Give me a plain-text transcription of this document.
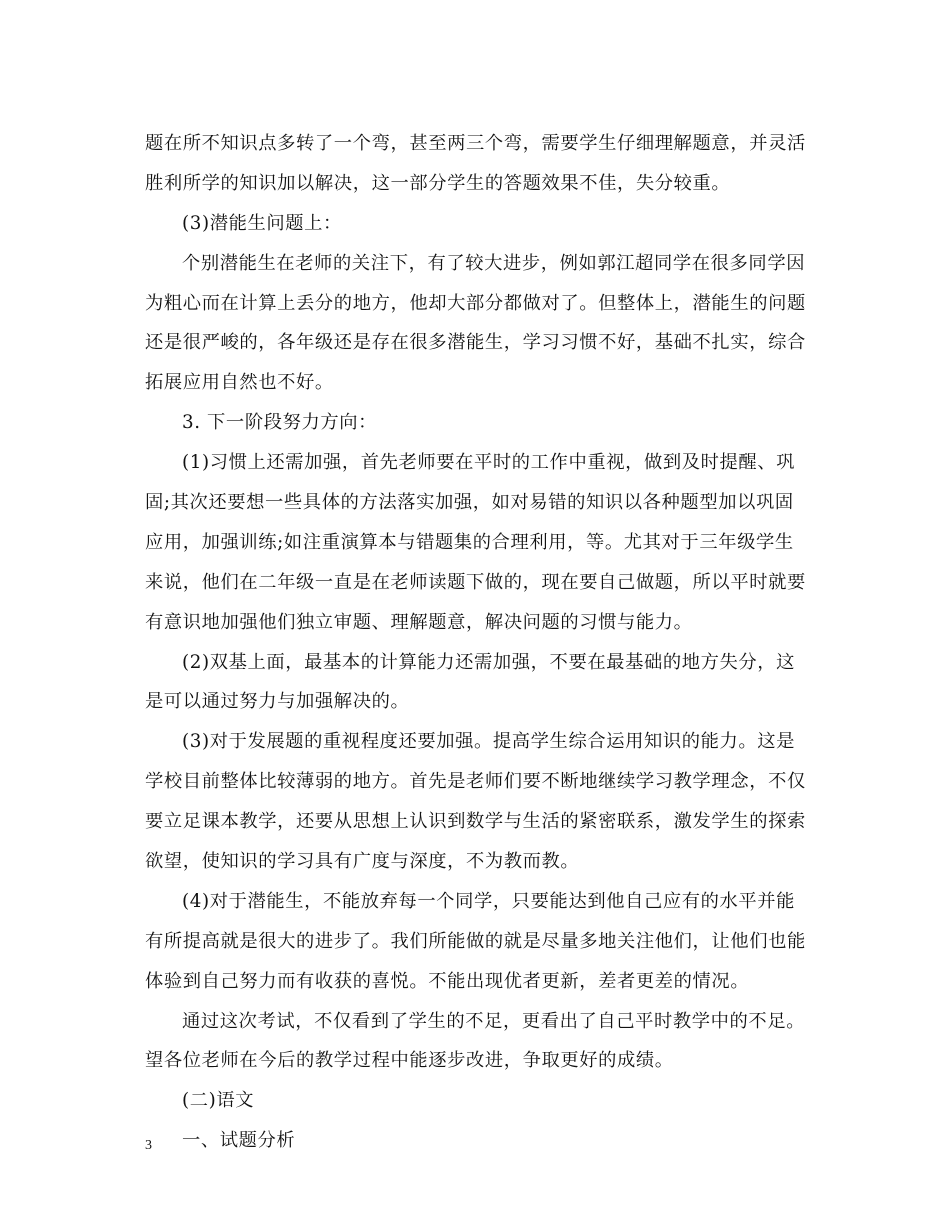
题在所不知识点多转了一个弯，甚至两三个弯，需要学生仔细理解题意，并灵活
胜利所学的知识加以解决，这一部分学生的答题效果不佳，失分较重。
(3)潜能生问题上：
个别潜能生在老师的关注下，有了较大进步，例如郭江超同学在很多同学因
为粗心而在计算上丢分的地方，他却大部分都做对了。但整体上，潜能生的问题
还是很严峻的，各年级还是存在很多潜能生，学习习惯不好，基础不扎实，综合
拓展应用自然也不好。
3. 下一阶段努力方向：
(1)习惯上还需加强，首先老师要在平时的工作中重视，做到及时提醒、巩
固;其次还要想一些具体的方法落实加强，如对易错的知识以各种题型加以巩固
应用，加强训练;如注重演算本与错题集的合理利用，等。尤其对于三年级学生
来说，他们在二年级一直是在老师读题下做的，现在要自己做题，所以平时就要
有意识地加强他们独立审题、理解题意，解决问题的习惯与能力。
(2)双基上面，最基本的计算能力还需加强，不要在最基础的地方失分，这
是可以通过努力与加强解决的。
(3)对于发展题的重视程度还要加强。提高学生综合运用知识的能力。这是
学校目前整体比较薄弱的地方。首先是老师们要不断地继续学习教学理念，不仅
要立足课本教学，还要从思想上认识到数学与生活的紧密联系，激发学生的探索
欲望，使知识的学习具有广度与深度，不为教而教。
(4)对于潜能生，不能放弃每一个同学，只要能达到他自己应有的水平并能
有所提高就是很大的进步了。我们所能做的就是尽量多地关注他们，让他们也能
体验到自己努力而有收获的喜悦。不能出现优者更新，差者更差的情况。
通过这次考试，不仅看到了学生的不足，更看出了自己平时教学中的不足。
望各位老师在今后的教学过程中能逐步改进，争取更好的成绩。
(二)语文
一、试题分析
3
